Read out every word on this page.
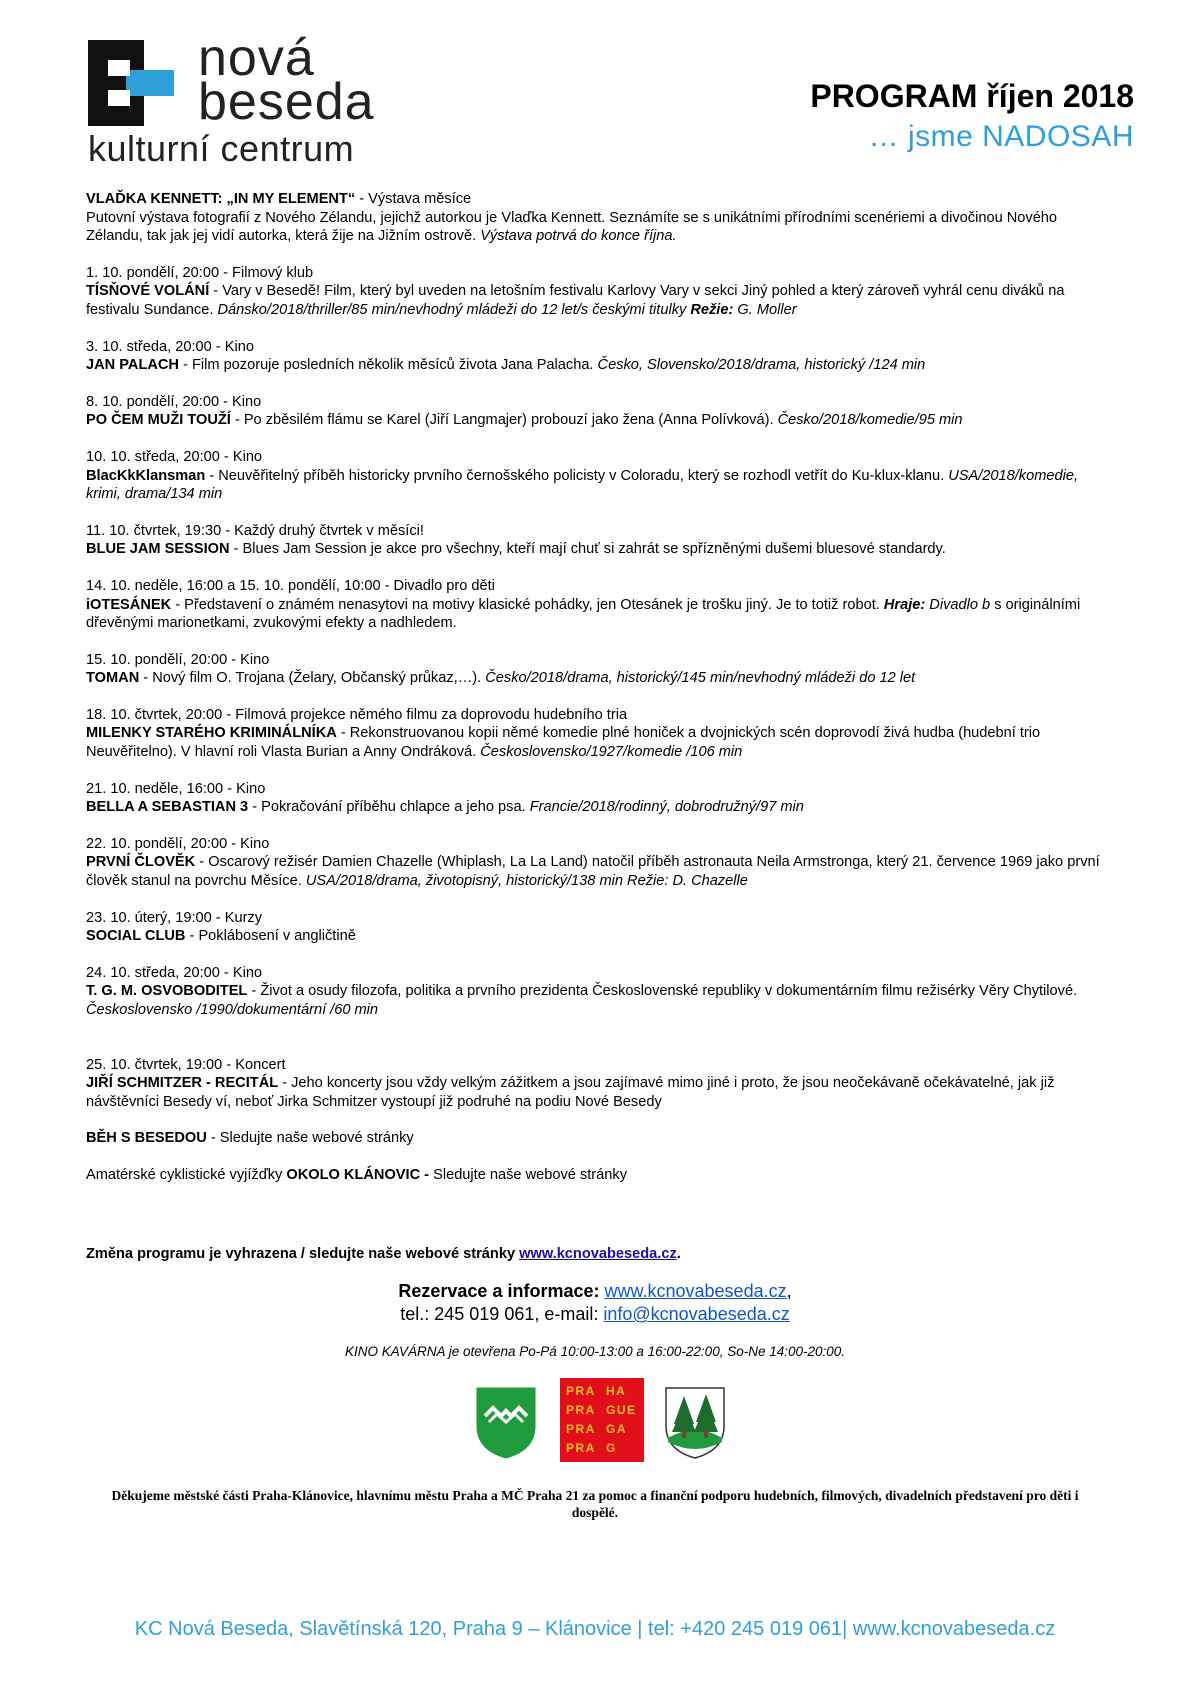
nová
beseda
kulturní centrum
PROGRAM říjen 2018
… jsme NADOSAH

VLAĎKA KENNETT: „IN MY ELEMENT“ - Výstava měsíce

Putovní výstava fotografií z Nového Zélandu, jejichž autorkou je Vlaďka Kennett. Seznámíte se s unikátními přírodními scenériemi a divočinou Nového Zélandu, tak jak jej vidí autorka, která žije na Jižním ostrově. Výstava potrvá do konce října.

1. 10. pondělí, 20:00 - Filmový klub

TÍSŇOVÉ VOLÁNÍ - Vary v Besedě! Film, který byl uveden na letošním festivalu Karlovy Vary v sekci Jiný pohled a který zároveň vyhrál cenu diváků na festivalu Sundance. Dánsko/2018/thriller/85 min/nevhodný mládeži do 12 let/s českými titulky Režie: G. Moller

3. 10. středa, 20:00 - Kino

JAN PALACH - Film pozoruje posledních několik měsíců života Jana Palacha. Česko, Slovensko/2018/drama, historický /124 min

8. 10. pondělí, 20:00 - Kino

PO ČEM MUŽI TOUŽÍ - Po zběsilém flámu se Karel (Jiří Langmajer) probouzí jako žena (Anna Polívková). Česko/2018/komedie/95 min

10. 10. středa, 20:00 - Kino

BlacKkKlansman - Neuvěřitelný příběh historicky prvního černošského policisty v Coloradu, který se rozhodl vetřít do Ku-klux-klanu. USA/2018/komedie, krimi, drama/134 min

11. 10. čtvrtek, 19:30 - Každý druhý čtvrtek v měsíci!

BLUE JAM SESSION - Blues Jam Session je akce pro všechny, kteří mají chuť si zahrát se spřízněnými dušemi bluesové standardy.

14. 10. neděle, 16:00 a 15. 10. pondělí, 10:00 - Divadlo pro děti

iOTESÁNEK - Představení o známém nenasytovi na motivy klasické pohádky, jen Otesánek je trošku jiný. Je to totiž robot. Hraje: Divadlo b s originálními dřevěnými marionetkami, zvukovými efekty a nadhledem.

15. 10. pondělí, 20:00 - Kino

TOMAN - Nový film O. Trojana (Želary, Občanský průkaz,…). Česko/2018/drama, historický/145 min/nevhodný mládeži do 12 let

18. 10. čtvrtek, 20:00 - Filmová projekce němého filmu za doprovodu hudebního tria

MILENKY STARÉHO KRIMINÁLNÍKA - Rekonstruovanou kopii němé komedie plné honiček a dvojnických scén doprovodí živá hudba (hudební trio Neuvěřitelno). V hlavní roli Vlasta Burian a Anny Ondráková. Československo/1927/komedie /106 min

21. 10. neděle, 16:00 - Kino

BELLA A SEBASTIAN 3 - Pokračování příběhu chlapce a jeho psa. Francie/2018/rodinný, dobrodružný/97 min

22. 10. pondělí, 20:00 - Kino

PRVNÍ ČLOVĚK - Oscarový režisér Damien Chazelle (Whiplash, La La Land) natočil příběh astronauta Neila Armstronga, který 21. července 1969 jako první člověk stanul na povrchu Měsíce. USA/2018/drama, životopisný, historický/138 min Režie: D. Chazelle

23. 10. úterý, 19:00 - Kurzy

SOCIAL CLUB - Poklábosení v angličtině

24. 10. středa, 20:00 - Kino

T. G. M. OSVOBODITEL - Život a osudy filozofa, politika a prvního prezidenta Československé republiky v dokumentárním filmu režisérky Věry Chytilové. Československo /1990/dokumentární /60 min

25. 10. čtvrtek, 19:00 - Koncert

JIŘÍ SCHMITZER - RECITÁL - Jeho koncerty jsou vždy velkým zážitkem a jsou zajímavé mimo jiné i proto, že jsou neočekávaně očekávatelné, jak již návštěvníci Besedy ví, neboť Jirka Schmitzer vystoupí již podruhé na podiu Nové Besedy

BĚH S BESEDOU - Sledujte naše webové stránky

Amatérské cyklistické vyjížďky OKOLO KLÁNOVIC - Sledujte naše webové stránky

Změna programu je vyhrazena / sledujte naše webové stránky www.kcnovabeseda.cz.

Rezervace a informace: www.kcnovabeseda.cz,
tel.: 245 019 061, e-mail: info@kcnovabeseda.cz
KINO KAVÁRNA je otevřena Po-Pá 10:00-13:00 a 16:00-22:00, So-Ne 14:00-20:00.
PRA HA
PRA GUE
PRA GA
PRA G
Děkujeme městské části Praha-Klánovice, hlavnímu městu Praha a MČ Praha 21 za pomoc a finanční podporu hudebních, filmových, divadelních představení pro děti i dospělé.
KC Nová Beseda, Slavětínská 120, Praha 9 – Klánovice | tel: +420 245 019 061| www.kcnovabeseda.cz
